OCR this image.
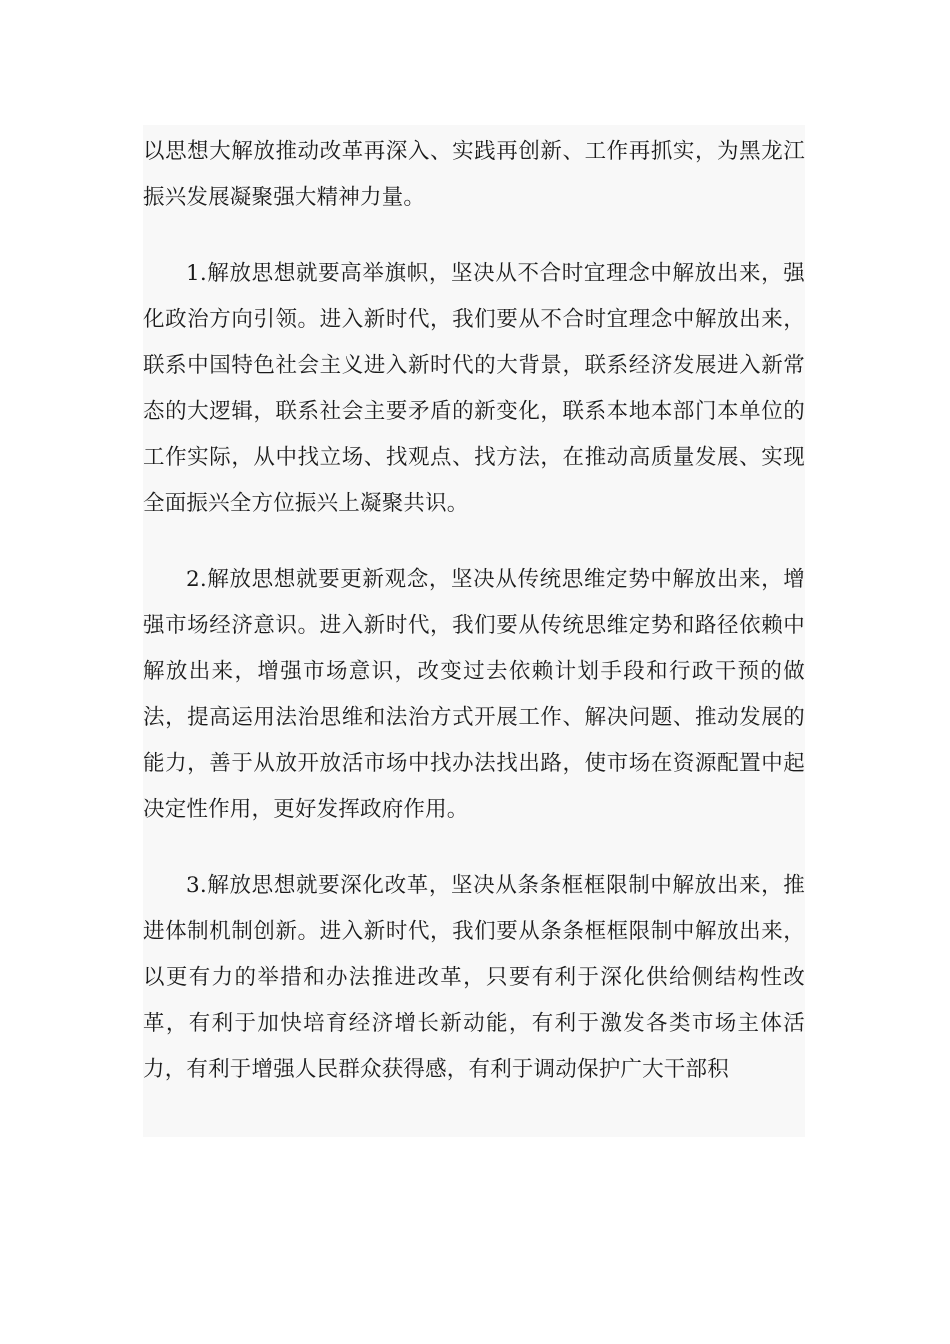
以思想大解放推动改革再深入、实践再创新、工作再抓实，为黑龙江振兴发展凝聚强大精神力量。

1.解放思想就要高举旗帜，坚决从不合时宜理念中解放出来，强化政治方向引领。进入新时代，我们要从不合时宜理念中解放出来，联系中国特色社会主义进入新时代的大背景，联系经济发展进入新常态的大逻辑，联系社会主要矛盾的新变化，联系本地本部门本单位的工作实际，从中找立场、找观点、找方法，在推动高质量发展、实现全面振兴全方位振兴上凝聚共识。

2.解放思想就要更新观念，坚决从传统思维定势中解放出来，增强市场经济意识。进入新时代，我们要从传统思维定势和路径依赖中解放出来，增强市场意识，改变过去依赖计划手段和行政干预的做法，提高运用法治思维和法治方式开展工作、解决问题、推动发展的能力，善于从放开放活市场中找办法找出路，使市场在资源配置中起决定性作用，更好发挥政府作用。

3.解放思想就要深化改革，坚决从条条框框限制中解放出来，推进体制机制创新。进入新时代，我们要从条条框框限制中解放出来，以更有力的举措和办法推进改革，只要有利于深化供给侧结构性改革，有利于加快培育经济增长新动能，有利于激发各类市场主体活力，有利于增强人民群众获得感，有利于调动保护广大干部积
